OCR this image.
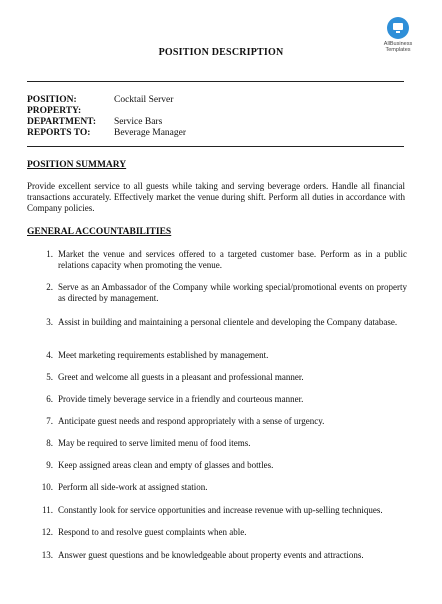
AllBusiness
Templates
POSITION DESCRIPTION
POSITION:	Cocktail Server
PROPERTY:
DEPARTMENT:	Service Bars
REPORTS TO:	Beverage Manager
POSITION SUMMARY
Provide excellent service to all guests while taking and serving beverage orders. Handle all financial transactions accurately. Effectively market the venue during shift. Perform all duties in accordance with Company policies.
GENERAL ACCOUNTABILITIES
1. Market the venue and services offered to a targeted customer base. Perform as in a public relations capacity when promoting the venue.
2. Serve as an Ambassador of the Company while working special/promotional events on property as directed by management.
3. Assist in building and maintaining a personal clientele and developing the Company database.
4. Meet marketing requirements established by management.
5. Greet and welcome all guests in a pleasant and professional manner.
6. Provide timely beverage service in a friendly and courteous manner.
7. Anticipate guest needs and respond appropriately with a sense of urgency.
8. May be required to serve limited menu of food items.
9. Keep assigned areas clean and empty of glasses and bottles.
10. Perform all side-work at assigned station.
11. Constantly look for service opportunities and increase revenue with up-selling techniques.
12. Respond to and resolve guest complaints when able.
13. Answer guest questions and be knowledgeable about property events and attractions.
